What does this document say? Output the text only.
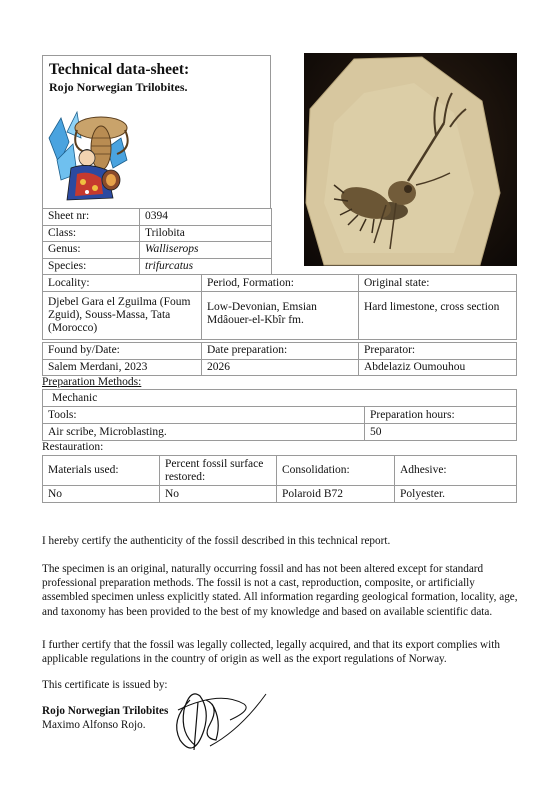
Technical data-sheet:
Rojo Norwegian Trilobites.
Sheet nr:	0394
Class:	Trilobita
Genus:	Walliserops
Species:	trifurcatus
Locality:	Period, Formation:	Original state:
Djebel Gara el Zguilma (Foum Zguid), Souss-Massa, Tata (Morocco)	Low-Devonian, Emsian Mdâouer-el-Kbîr fm.	Hard limestone, cross section
Found by/Date:	Date preparation:	Preparator:
Salem Merdani, 2023	2026	Abdelaziz Oumouhou
Preparation Methods:
Mechanic	
Tools:	Preparation hours:
Air scribe, Microblasting.	50
Restauration:
Materials used:	Percent fossil surface restored:	Consolidation:	Adhesive:
No	No	Polaroid B72	Polyester.

I hereby certify the authenticity of the fossil described in this technical report.

The specimen is an original, naturally occurring fossil and has not been altered except for standard professional preparation methods. The fossil is not a cast, reproduction, composite, or artificially assembled specimen unless explicitly stated. All information regarding geological formation, locality, age, and taxonomy has been provided to the best of my knowledge and based on available scientific data.

I further certify that the fossil was legally collected, legally acquired, and that its export complies with applicable regulations in the country of origin as well as the export regulations of Norway.

This certificate is issued by:

Rojo Norwegian Trilobites

Maximo Alfonso Rojo.
